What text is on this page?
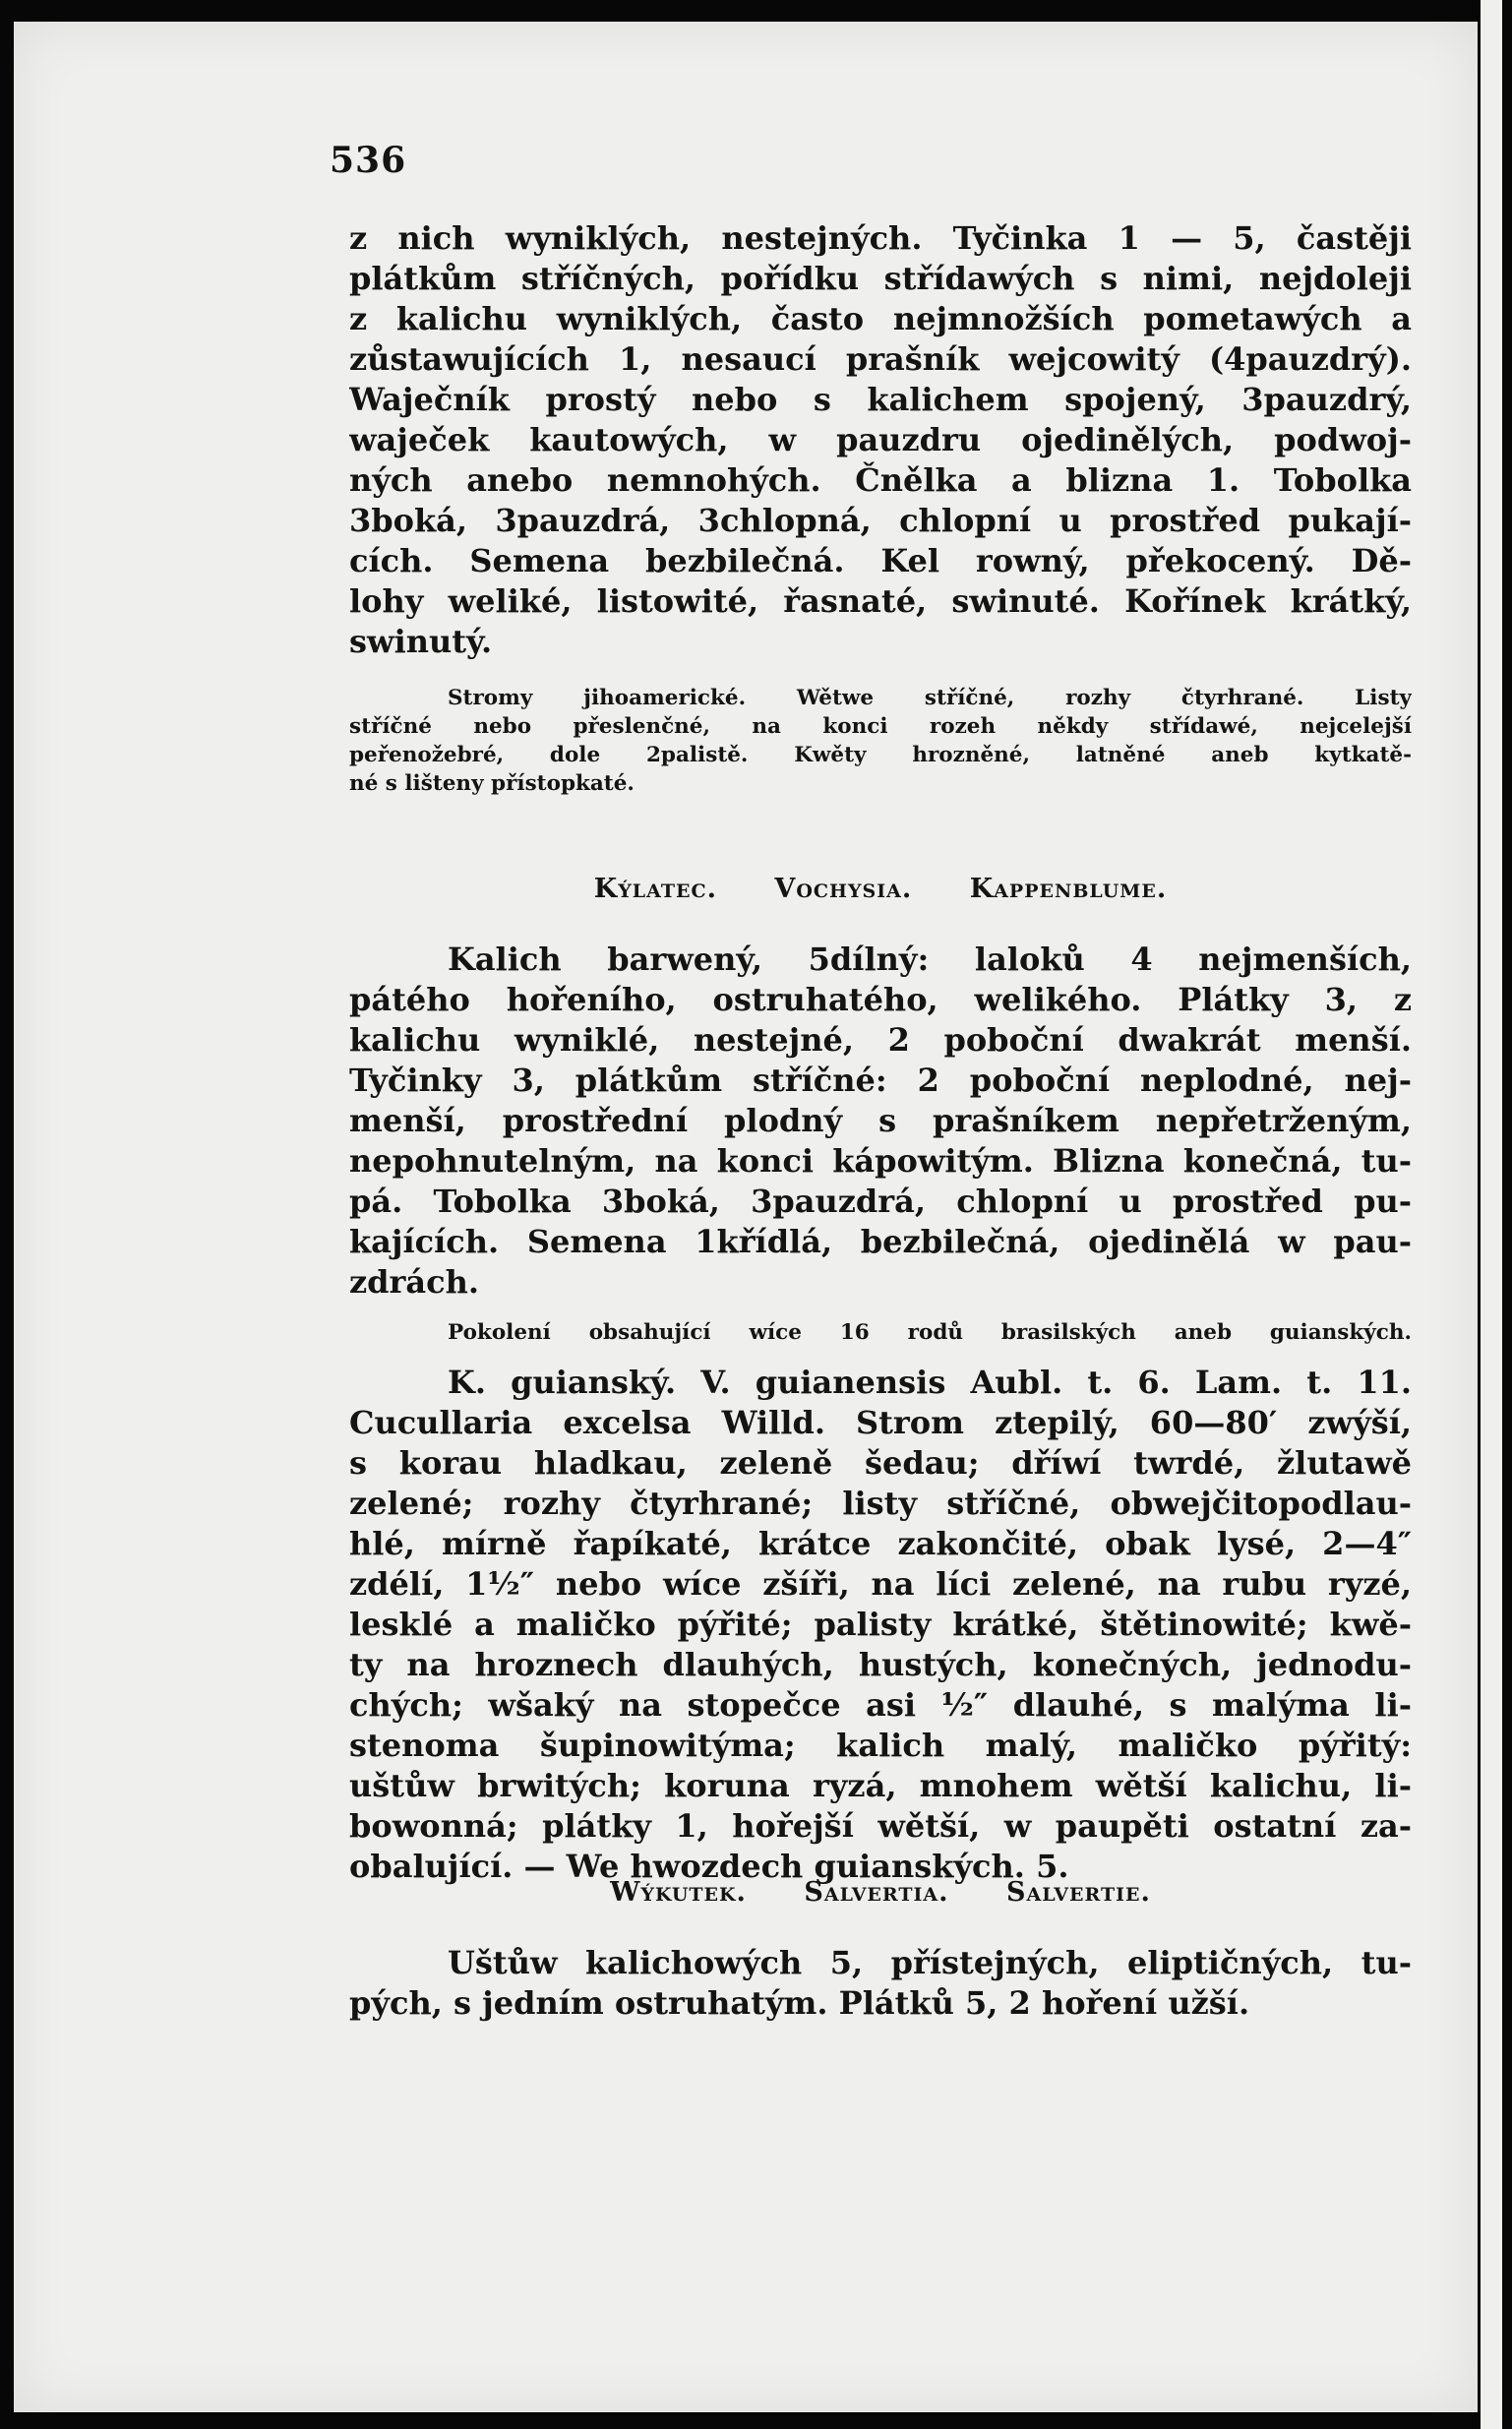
536

z nich wyniklých, nestejných. Tyčinka 1 — 5, častěji
plátkům stříčných, pořídku střídawých s nimi, nejdoleji
z kalichu wyniklých, často nejmnožších pometawých a
zůstawujících 1, nesaucí prašník wejcowitý (4pauzdrý).
Waječník prostý nebo s kalichem spojený, 3pauzdrý,
waječek kautowých, w pauzdru ojedinělých, podwoj-
ných anebo nemnohých. Čnělka a blizna 1. Tobolka
3boká, 3pauzdrá, 3chlopná, chlopní u prostřed pukají-
cích. Semena bezbilečná. Kel rowný, překocený. Dě-
lohy weliké, listowité, řasnaté, swinuté. Kořínek krátký,
swinutý.

Stromy jihoamerické. Wětwe stříčné, rozhy čtyrhrané. Listy
stříčné nebo přeslenčné, na konci rozeh někdy střídawé, nejcelejší
peřenožebré, dole 2palistě. Kwěty hrozněné, latněné aneb kytkatě-
né s lišteny přístopkaté.

Kýlatec. Vochysia. Kappenblume.

Kalich barwený, 5dílný: laloků 4 nejmenších,
pátého hořeního, ostruhatého, welikého. Plátky 3, z
kalichu wyniklé, nestejné, 2 poboční dwakrát menší.
Tyčinky 3, plátkům stříčné: 2 poboční neplodné, nej-
menší, prostřední plodný s prašníkem nepřetrženým,
nepohnutelným, na konci kápowitým. Blizna konečná, tu-
pá. Tobolka 3boká, 3pauzdrá, chlopní u prostřed pu-
kajících. Semena 1křídlá, bezbilečná, ojedinělá w pau-
zdrách.

Pokolení obsahující wíce 16 rodů brasilských aneb guianských.

K. guianský. V. guianensis Aubl. t. 6. Lam. t. 11.
Cucullaria excelsa Willd. Strom ztepilý, 60—80′ zwýší,
s korau hladkau, zeleně šedau; dříwí twrdé, žlutawě
zelené; rozhy čtyrhrané; listy stříčné, obwejčitopodlau-
hlé, mírně řapíkaté, krátce zakončité, obak lysé, 2—4″
zdélí, 1½″ nebo wíce zšíři, na líci zelené, na rubu ryzé,
lesklé a maličko pýřité; palisty krátké, štětinowité; kwě-
ty na hroznech dlauhých, hustých, konečných, jednodu-
chých; wšaký na stopečce asi ½″ dlauhé, s malýma li-
stenoma šupinowitýma; kalich malý, maličko pýřitý:
uštůw brwitých; koruna ryzá, mnohem wětší kalichu, li-
bowonná; plátky 1, hořejší wětší, w paupěti ostatní za-
obalující. — We hwozdech guianských. 5.

Wýkutek. Salvertia. Salvertie.

Uštůw kalichowých 5, přístejných, eliptičných, tu-
pých, s jedním ostruhatým. Plátků 5, 2 hoření užší.
